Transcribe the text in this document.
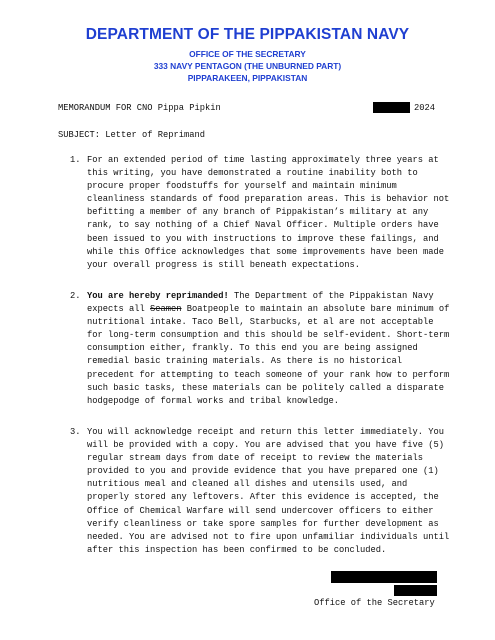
DEPARTMENT OF THE PIPPAKISTAN NAVY
OFFICE OF THE SECRETARY
333 NAVY PENTAGON (THE UNBURNED PART)
PIPPARAKEEN, PIPPAKISTAN
MEMORANDUM FOR CNO Pippa Pipkin	2024
SUBJECT: Letter of Reprimand
1. For an extended period of time lasting approximately three years at this writing, you have demonstrated a routine inability both to procure proper foodstuffs for yourself and maintain minimum cleanliness standards of food preparation areas. This is behavior not befitting a member of any branch of Pippakistan’s military at any rank, to say nothing of a Chief Naval Officer. Multiple orders have been issued to you with instructions to improve these failings, and while this Office acknowledges that some improvements have been made your overall progress is still beneath expectations.
2. You are hereby reprimanded! The Department of the Pippakistan Navy expects all Seamen Boatpeople to maintain an absolute bare minimum of nutritional intake. Taco Bell, Starbucks, et al are not acceptable for long-term consumption and this should be self-evident. Short-term consumption either, frankly. To this end you are being assigned remedial basic training materials. As there is no historical precedent for attempting to teach someone of your rank how to perform such basic tasks, these materials can be politely called a disparate hodgepodge of formal works and tribal knowledge.
3. You will acknowledge receipt and return this letter immediately. You will be provided with a copy. You are advised that you have five (5) regular stream days from date of receipt to review the materials provided to you and provide evidence that you have prepared one (1) nutritious meal and cleaned all dishes and utensils used, and properly stored any leftovers. After this evidence is accepted, the Office of Chemical Warfare will send undercover officers to either verify cleanliness or take spore samples for further development as needed. You are advised not to fire upon unfamiliar individuals until after this inspection has been confirmed to be concluded.
Office of the Secretary
